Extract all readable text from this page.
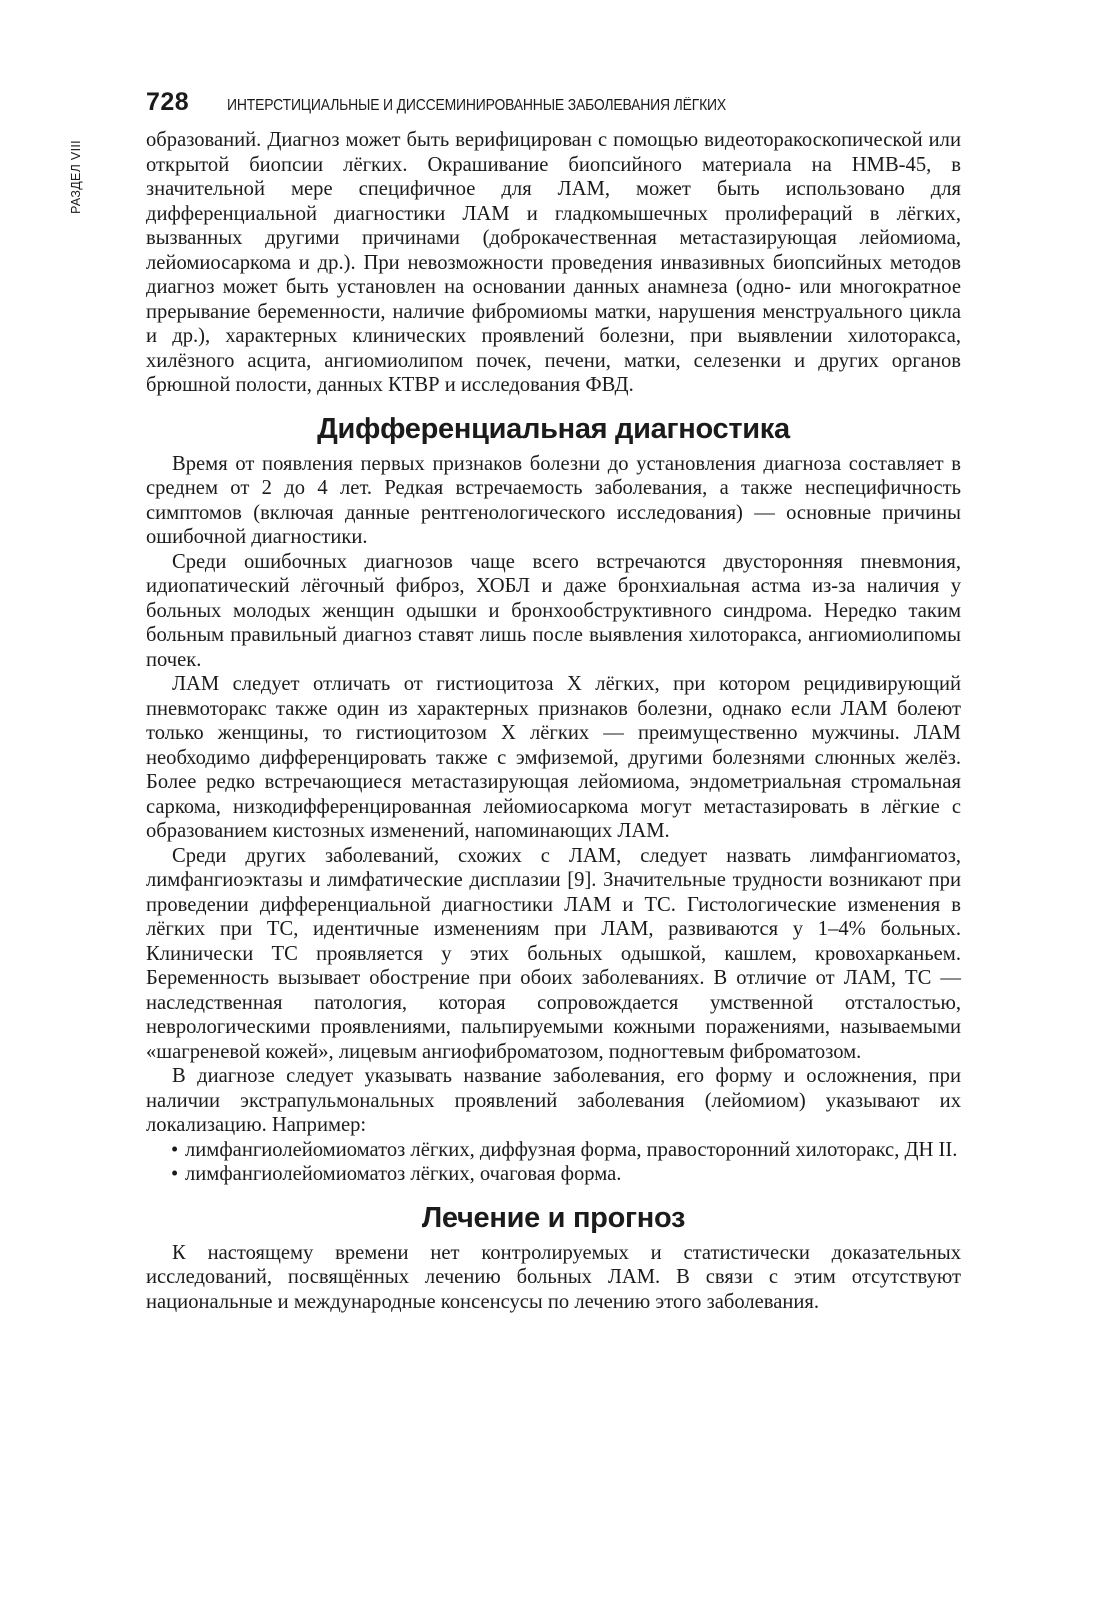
728 ИНТЕРСТИЦИАЛЬНЫЕ И ДИССЕМИНИРОВАННЫЕ ЗАБОЛЕВАНИЯ ЛЁГКИХ
РАЗДЕЛ VIII

образований. Диагноз может быть верифицирован с помощью видеоторакоскопической или открытой биопсии лёгких. Окрашивание биопсийного материала на HMB-45, в значительной мере специфичное для ЛАМ, может быть использовано для дифференциальной диагностики ЛАМ и гладкомышечных пролифераций в лёгких, вызванных другими причинами (доброкачественная метастазирующая лейомиома, лейомиосаркома и др.). При невозможности проведения инвазивных биопсийных методов диагноз может быть установлен на основании данных анамнеза (одно- или многократное прерывание беременности, наличие фибромиомы матки, нарушения менструального цикла и др.), характерных клинических проявлений болезни, при выявлении хилоторакса, хилёзного асцита, ангиомиолипом почек, печени, матки, селезенки и других органов брюшной полости, данных КТВР и исследования ФВД.

Дифференциальная диагностика

Время от появления первых признаков болезни до установления диагноза составляет в среднем от 2 до 4 лет. Редкая встречаемость заболевания, а также неспецифичность симптомов (включая данные рентгенологического исследования) — основные причины ошибочной диагностики.

Среди ошибочных диагнозов чаще всего встречаются двусторонняя пневмония, идиопатический лёгочный фиброз, ХОБЛ и даже бронхиальная астма из-за наличия у больных молодых женщин одышки и бронхообструктивного синдрома. Нередко таким больным правильный диагноз ставят лишь после выявления хилоторакса, ангиомиолипомы почек.

ЛАМ следует отличать от гистиоцитоза X лёгких, при котором рецидивирующий пневмоторакс также один из характерных признаков болезни, однако если ЛАМ болеют только женщины, то гистиоцитозом X лёгких — преимущественно мужчины. ЛАМ необходимо дифференцировать также с эмфиземой, другими болезнями слюнных желёз. Более редко встречающиеся метастазирующая лейомиома, эндометриальная стромальная саркома, низкодифференцированная лейомиосаркома могут метастазировать в лёгкие с образованием кистозных изменений, напоминающих ЛАМ.

Среди других заболеваний, схожих с ЛАМ, следует назвать лимфангиоматоз, лимфангиоэктазы и лимфатические дисплазии [9]. Значительные трудности возникают при проведении дифференциальной диагностики ЛАМ и ТС. Гистологические изменения в лёгких при ТС, идентичные изменениям при ЛАМ, развиваются у 1–4% больных. Клинически ТС проявляется у этих больных одышкой, кашлем, кровохарканьем. Беременность вызывает обострение при обоих заболеваниях. В отличие от ЛАМ, ТС — наследственная патология, которая сопровождается умственной отсталостью, неврологическими проявлениями, пальпируемыми кожными поражениями, называемыми «шагреневой кожей», лицевым ангиофиброматозом, подногтевым фиброматозом.

В диагнозе следует указывать название заболевания, его форму и осложнения, при наличии экстрапульмональных проявлений заболевания (лейомиом) указывают их локализацию. Например:

• лимфангиолейомиоматоз лёгких, диффузная форма, правосторонний хилоторакс, ДН II.
• лимфангиолейомиоматоз лёгких, очаговая форма.
Лечение и прогноз

К настоящему времени нет контролируемых и статистически доказательных исследований, посвящённых лечению больных ЛАМ. В связи с этим отсутствуют национальные и международные консенсусы по лечению этого заболевания.
